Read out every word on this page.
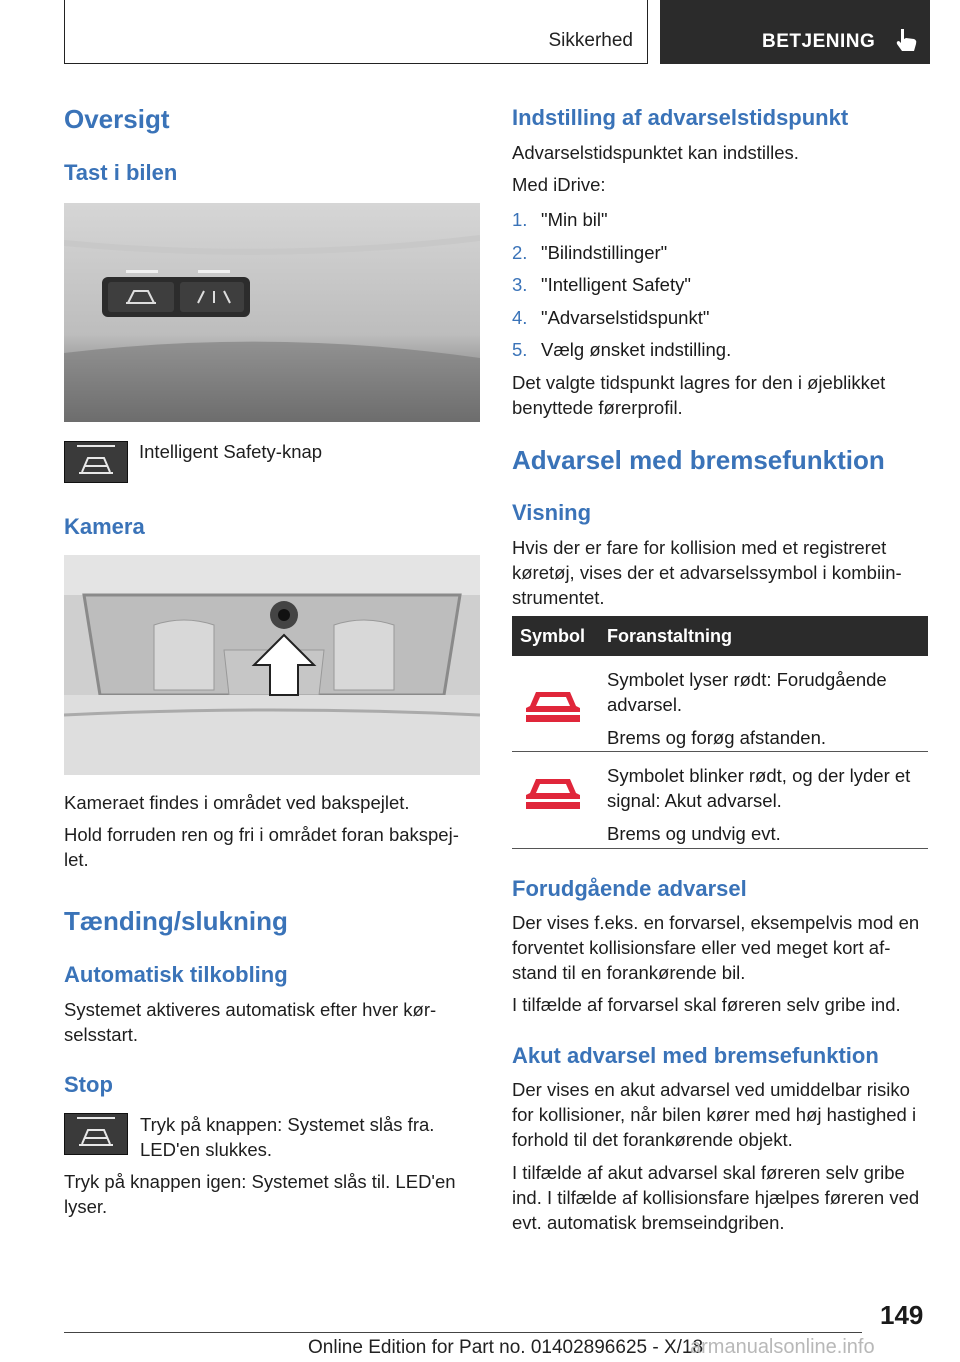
Sikkerhed	BETJENING
Oversigt
Tast i bilen

Intelligent Safety-knap

Kamera

Kameraet findes i området ved bakspejlet.

Hold forruden ren og fri i området foran bakspej‐

let.

Tænding/slukning
Automatisk tilkobling

Systemet aktiveres automatisk efter hver kør‐

selsstart.

Stop

Tryk på knappen: Systemet slås fra.

LED'en slukkes.

Tryk på knappen igen: Systemet slås til. LED'en

lyser.

Indstilling af advarselstidspunkt

Advarselstidspunktet kan indstilles.

Med iDrive:

1. "Min bil"
2. "Bilindstillinger"
3. "Intelligent Safety"
4. "Advarselstidspunkt"
5. Vælg ønsket indstilling.

Det valgte tidspunkt lagres for den i øjeblikket

benyttede førerprofil.

Advarsel med bremsefunktion
Visning

Hvis der er fare for kollision med et registreret

køretøj, vises der et advarselssymbol i kombiin‐

strumentet.

Symbol Foranstaltning
Symbolet lyser rødt: Forudgående
advarsel.
Brems og forøg afstanden.
Symbolet blinker rødt, og der lyder et
signal: Akut advarsel.
Brems og undvig evt.
Forudgående advarsel

Der vises f.eks. en forvarsel, eksempelvis mod en

forventet kollisionsfare eller ved meget kort af‐

stand til en forankørende bil.

I tilfælde af forvarsel skal føreren selv gribe ind.

Akut advarsel med bremsefunktion

Der vises en akut advarsel ved umiddelbar risiko

for kollisioner, når bilen kører med høj hastighed i

forhold til det forankørende objekt.

I tilfælde af akut advarsel skal føreren selv gribe

ind. I tilfælde af kollisionsfare hjælpes føreren ved

evt. automatisk bremseindgriben.

149
Online Edition for Part no. 01402896625 - X/18
armanualsonline.info
